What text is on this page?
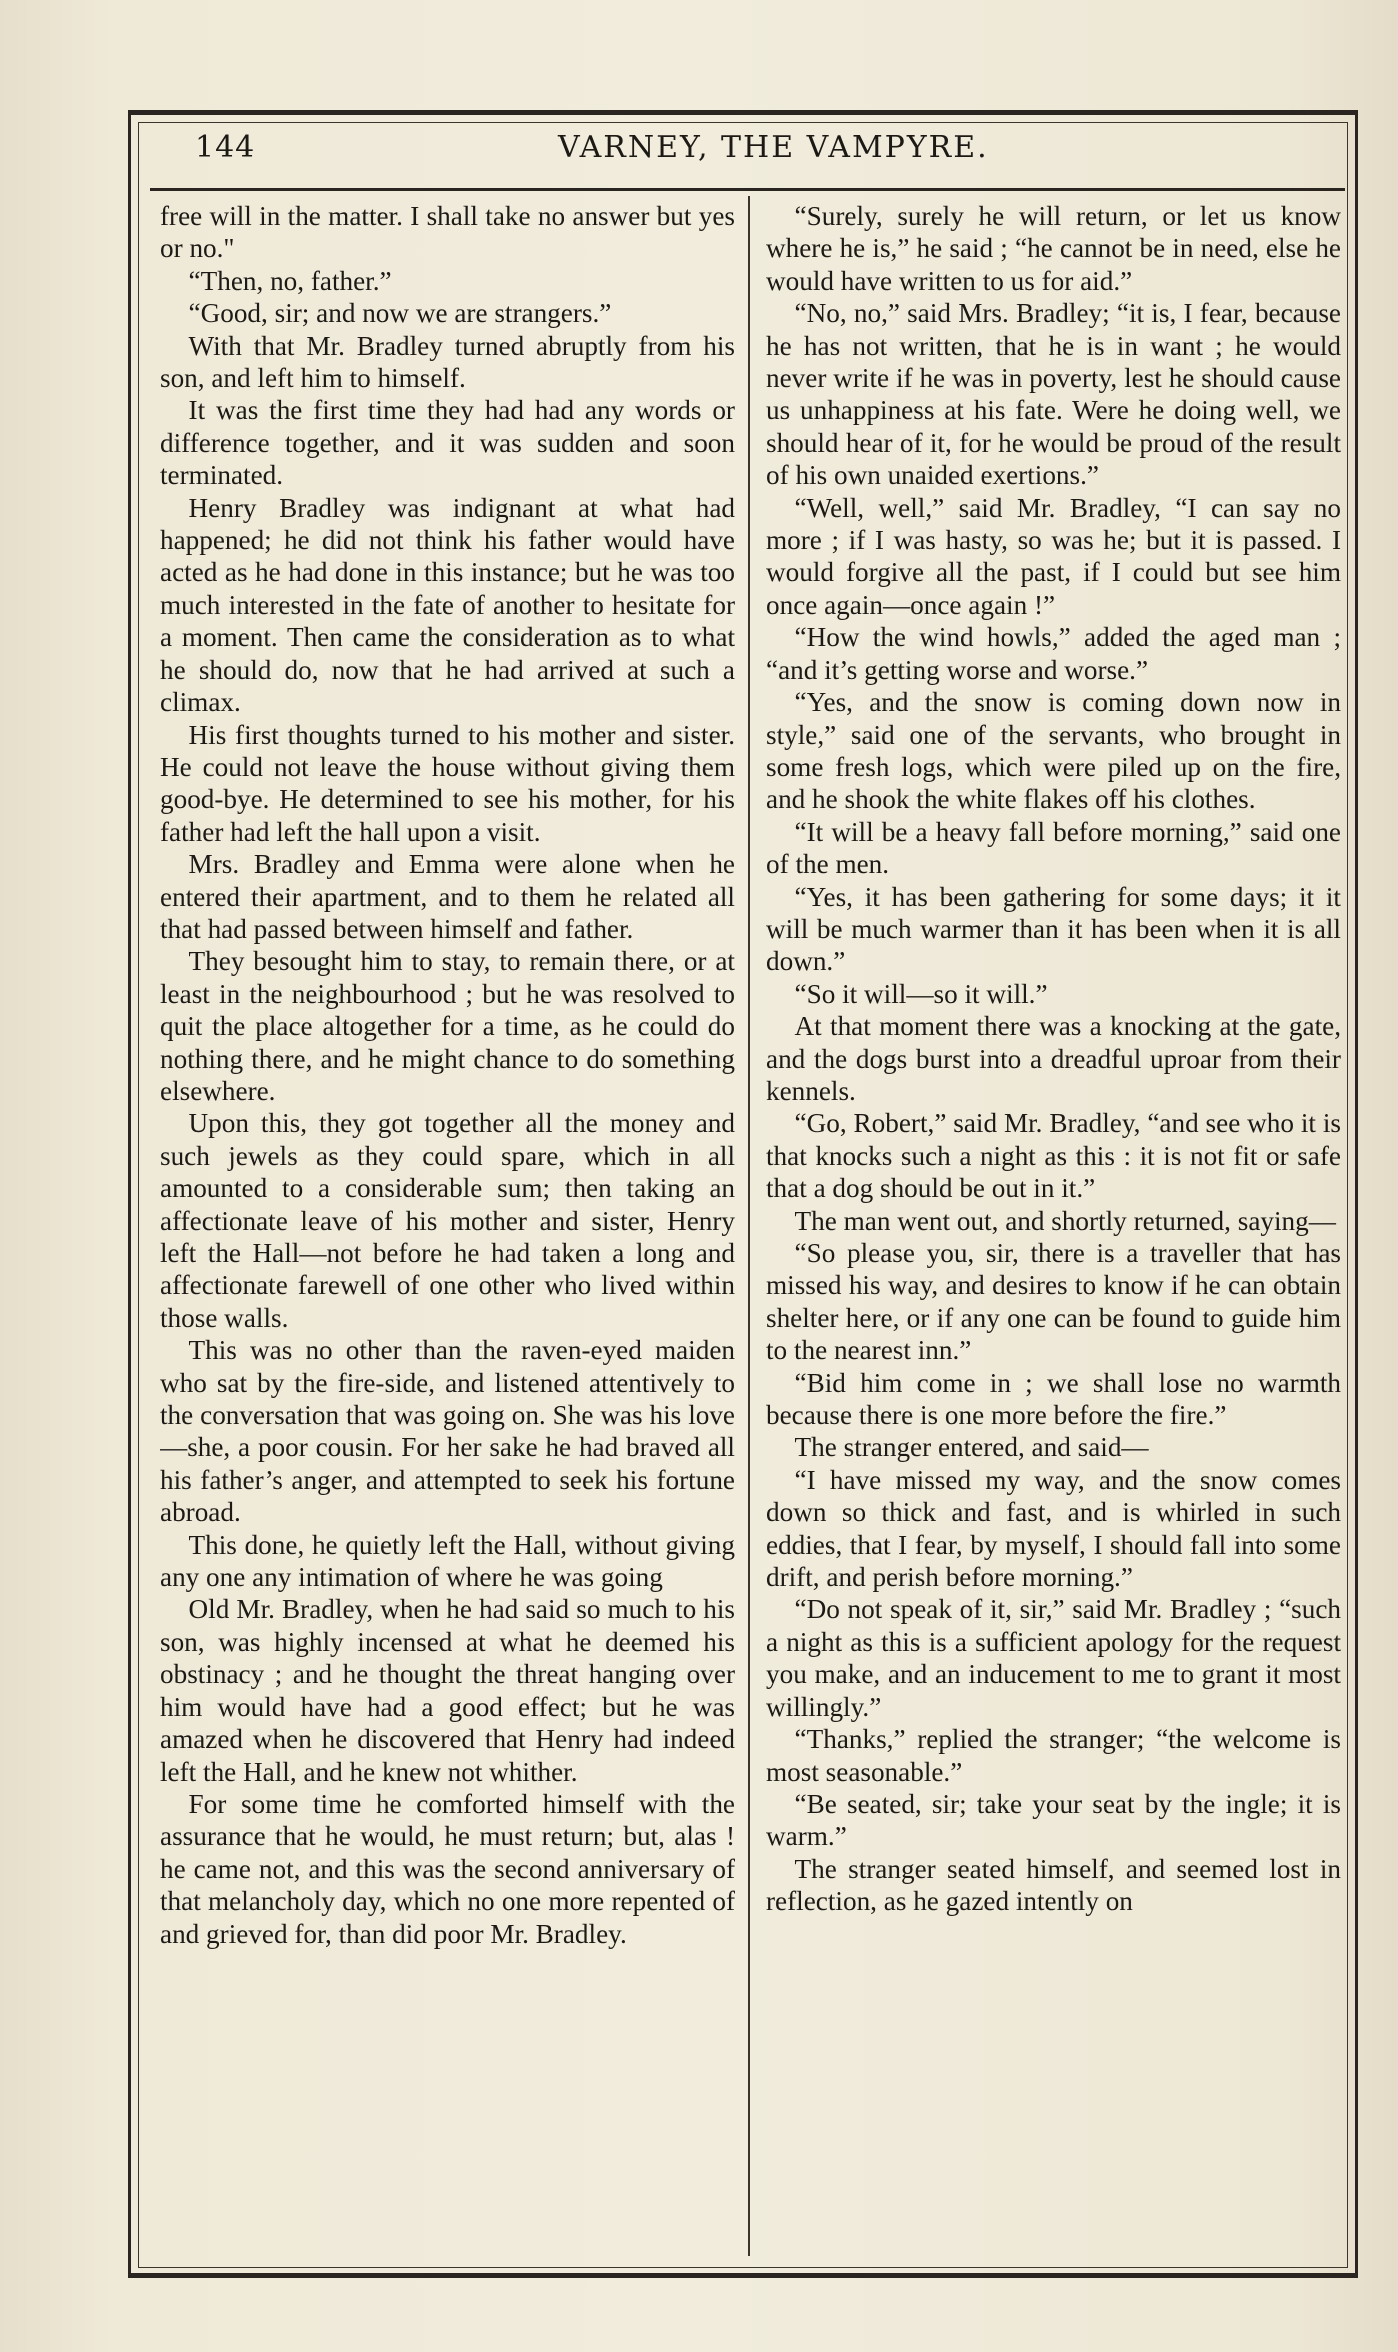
144	VARNEY, THE VAMPYRE.

free will in the matter. I shall take no answer but yes or no."

“Then, no, father.”

“Good, sir; and now we are strangers.”

With that Mr. Bradley turned abruptly from his son, and left him to himself.

It was the first time they had had any words or difference together, and it was sudden and soon terminated.

Henry Bradley was indignant at what had happened; he did not think his father would have acted as he had done in this instance; but he was too much interested in the fate of another to hesitate for a moment. Then came the consideration as to what he should do, now that he had arrived at such a climax.

His first thoughts turned to his mother and sister. He could not leave the house without giving them good-bye. He determined to see his mother, for his father had left the hall upon a visit.

Mrs. Bradley and Emma were alone when he entered their apartment, and to them he related all that had passed between himself and father.

They besought him to stay, to remain there, or at least in the neighbourhood ; but he was resolved to quit the place altogether for a time, as he could do nothing there, and he might chance to do something elsewhere.

Upon this, they got together all the money and such jewels as they could spare, which in all amounted to a considerable sum; then taking an affectionate leave of his mother and sister, Henry left the Hall—not before he had taken a long and affectionate farewell of one other who lived within those walls.

This was no other than the raven-eyed maiden who sat by the fire-side, and listened attentively to the conversation that was going on. She was his love—she, a poor cousin. For her sake he had braved all his father’s anger, and attempted to seek his fortune abroad.

This done, he quietly left the Hall, without giving any one any intimation of where he was going

Old Mr. Bradley, when he had said so much to his son, was highly incensed at what he deemed his obstinacy ; and he thought the threat hanging over him would have had a good effect; but he was amazed when he discovered that Henry had indeed left the Hall, and he knew not whither.

For some time he comforted himself with the assurance that he would, he must return; but, alas ! he came not, and this was the second anniversary of that melancholy day, which no one more repented of and grieved for, than did poor Mr. Bradley.

“Surely, surely he will return, or let us know where he is,” he said ; “he cannot be in need, else he would have written to us for aid.”

“No, no,” said Mrs. Bradley; “it is, I fear, because he has not written, that he is in want ; he would never write if he was in poverty, lest he should cause us unhappiness at his fate. Were he doing well, we should hear of it, for he would be proud of the result of his own unaided exertions.”

“Well, well,” said Mr. Bradley, “I can say no more ; if I was hasty, so was he; but it is passed. I would forgive all the past, if I could but see him once again—once again !”

“How the wind howls,” added the aged man ; “and it’s getting worse and worse.”

“Yes, and the snow is coming down now in style,” said one of the servants, who brought in some fresh logs, which were piled up on the fire, and he shook the white flakes off his clothes.

“It will be a heavy fall before morning,” said one of the men.

“Yes, it has been gathering for some days; it it will be much warmer than it has been when it is all down.”

“So it will—so it will.”

At that moment there was a knocking at the gate, and the dogs burst into a dreadful uproar from their kennels.

“Go, Robert,” said Mr. Bradley, “and see who it is that knocks such a night as this : it is not fit or safe that a dog should be out in it.”

The man went out, and shortly returned, saying—

“So please you, sir, there is a traveller that has missed his way, and desires to know if he can obtain shelter here, or if any one can be found to guide him to the nearest inn.”

“Bid him come in ; we shall lose no warmth because there is one more before the fire.”

The stranger entered, and said—

“I have missed my way, and the snow comes down so thick and fast, and is whirled in such eddies, that I fear, by myself, I should fall into some drift, and perish before morning.”

“Do not speak of it, sir,” said Mr. Bradley ; “such a night as this is a sufficient apology for the request you make, and an inducement to me to grant it most willingly.”

“Thanks,” replied the stranger; “the welcome is most seasonable.”

“Be seated, sir; take your seat by the ingle; it is warm.”

The stranger seated himself, and seemed lost in reflection, as he gazed intently on
